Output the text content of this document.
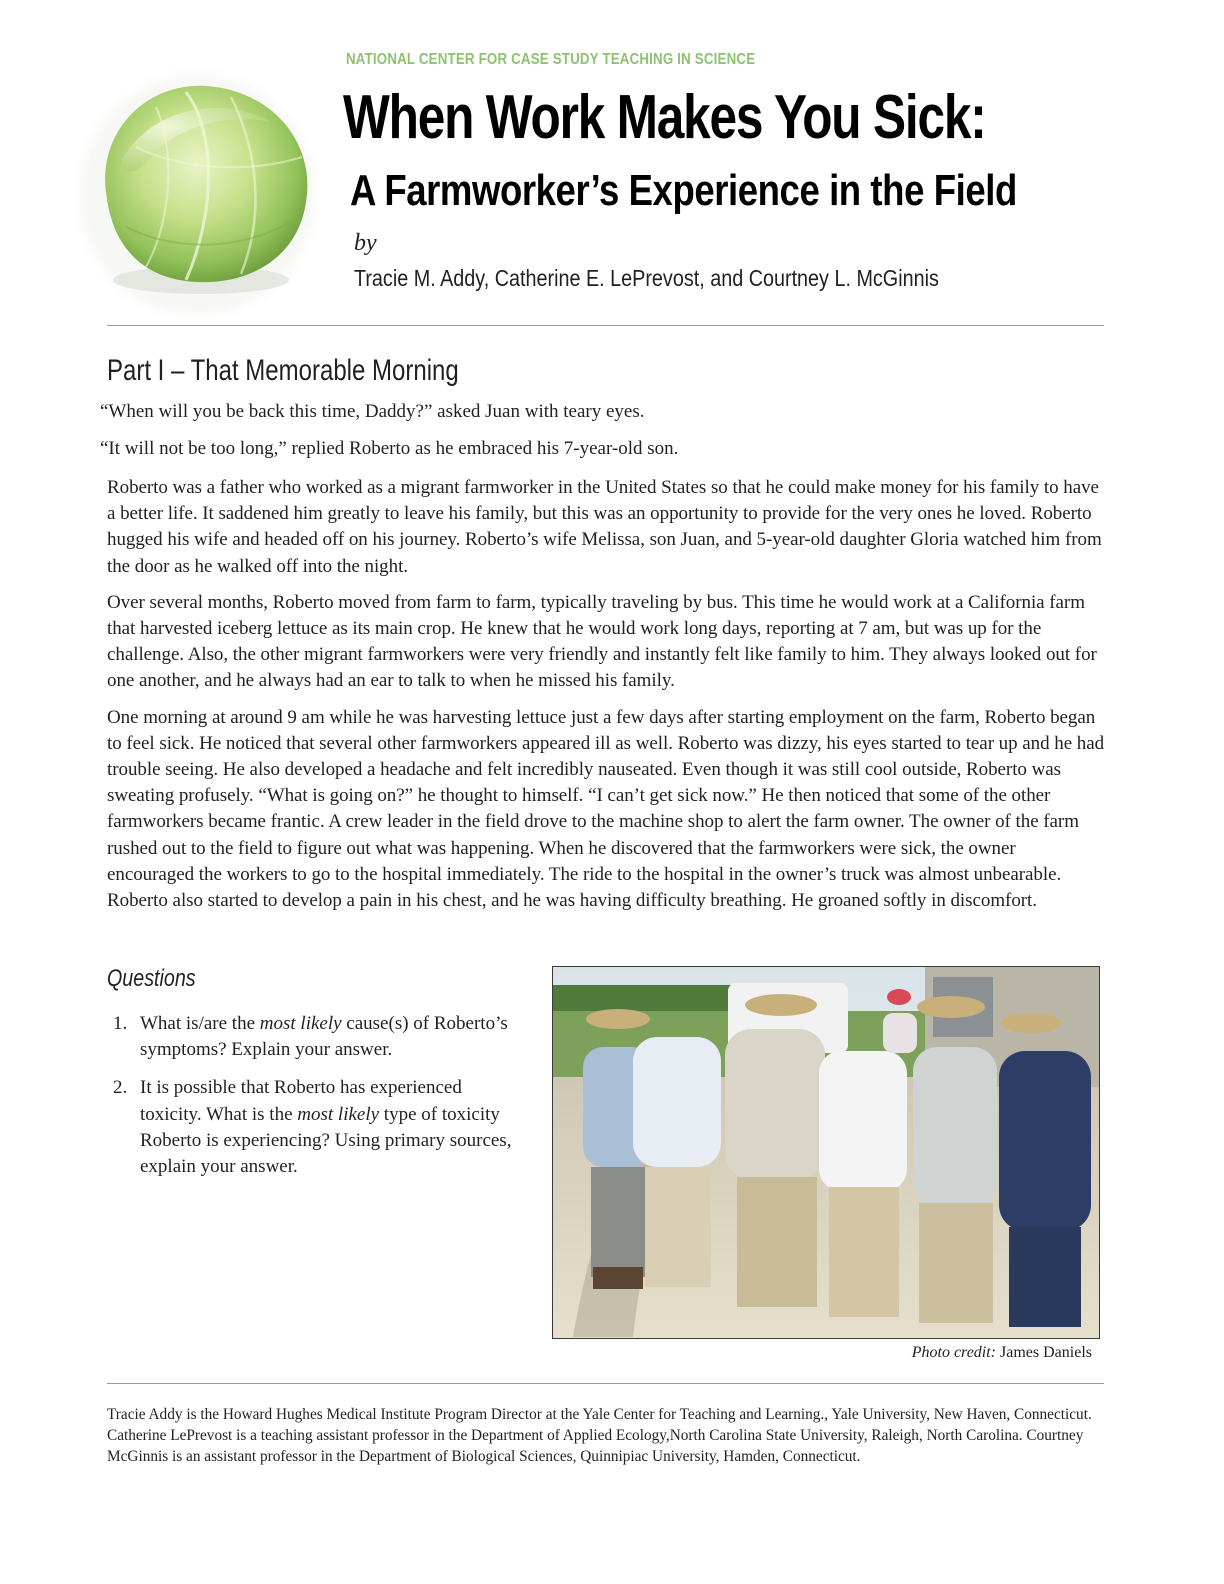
NATIONAL CENTER FOR CASE STUDY TEACHING IN SCIENCE
When Work Makes You Sick:
A Farmworker’s Experience in the Field
by
Tracie M. Addy, Catherine E. LePrevost, and Courtney L. McGinnis
Part I – That Memorable Morning
“When will you be back this time, Daddy?” asked Juan with teary eyes.
“It will not be too long,” replied Roberto as he embraced his 7-year-old son.

Roberto was a father who worked as a migrant farmworker in the United States so that he could make money for his family to have a better life. It saddened him greatly to leave his family, but this was an opportunity to provide for the very ones he loved. Roberto hugged his wife and headed off on his journey. Roberto’s wife Melissa, son Juan, and 5-year-old daughter Gloria watched him from the door as he walked off into the night.

Over several months, Roberto moved from farm to farm, typically traveling by bus. This time he would work at a California farm that harvested iceberg lettuce as its main crop. He knew that he would work long days, reporting at 7 am, but was up for the challenge. Also, the other migrant farmworkers were very friendly and instantly felt like family to him. They always looked out for one another, and he always had an ear to talk to when he missed his family.

One morning at around 9 am while he was harvesting lettuce just a few days after starting employment on the farm, Roberto began to feel sick. He noticed that several other farmworkers appeared ill as well. Roberto was dizzy, his eyes started to tear up and he had trouble seeing. He also developed a headache and felt incredibly nauseated. Even though it was still cool outside, Roberto was sweating profusely. “What is going on?” he thought to himself. “I can’t get sick now.” He then noticed that some of the other farmworkers became frantic. A crew leader in the field drove to the machine shop to alert the farm owner. The owner of the farm rushed out to the field to figure out what was happening. When he discovered that the farmworkers were sick, the owner encouraged the workers to go to the hospital immediately. The ride to the hospital in the owner’s truck was almost unbearable. Roberto also started to develop a pain in his chest, and he was having difficulty breathing. He groaned softly in discomfort.

Questions
1. What is/are the most likely cause(s) of Roberto’s symptoms? Explain your answer.
2. It is possible that Roberto has experienced toxicity. What is the most likely type of toxicity Roberto is experiencing? Using primary sources, explain your answer.
Photo credit: James Daniels

Tracie Addy is the Howard Hughes Medical Institute Program Director at the Yale Center for Teaching and Learning., Yale University, New Haven, Connecticut. Catherine LePrevost is a teaching assistant professor in the Department of Applied Ecology,North Carolina State University, Raleigh, North Carolina. Courtney McGinnis is an assistant professor in the Department of Biological Sciences, Quinnipiac University, Hamden, Connecticut.
